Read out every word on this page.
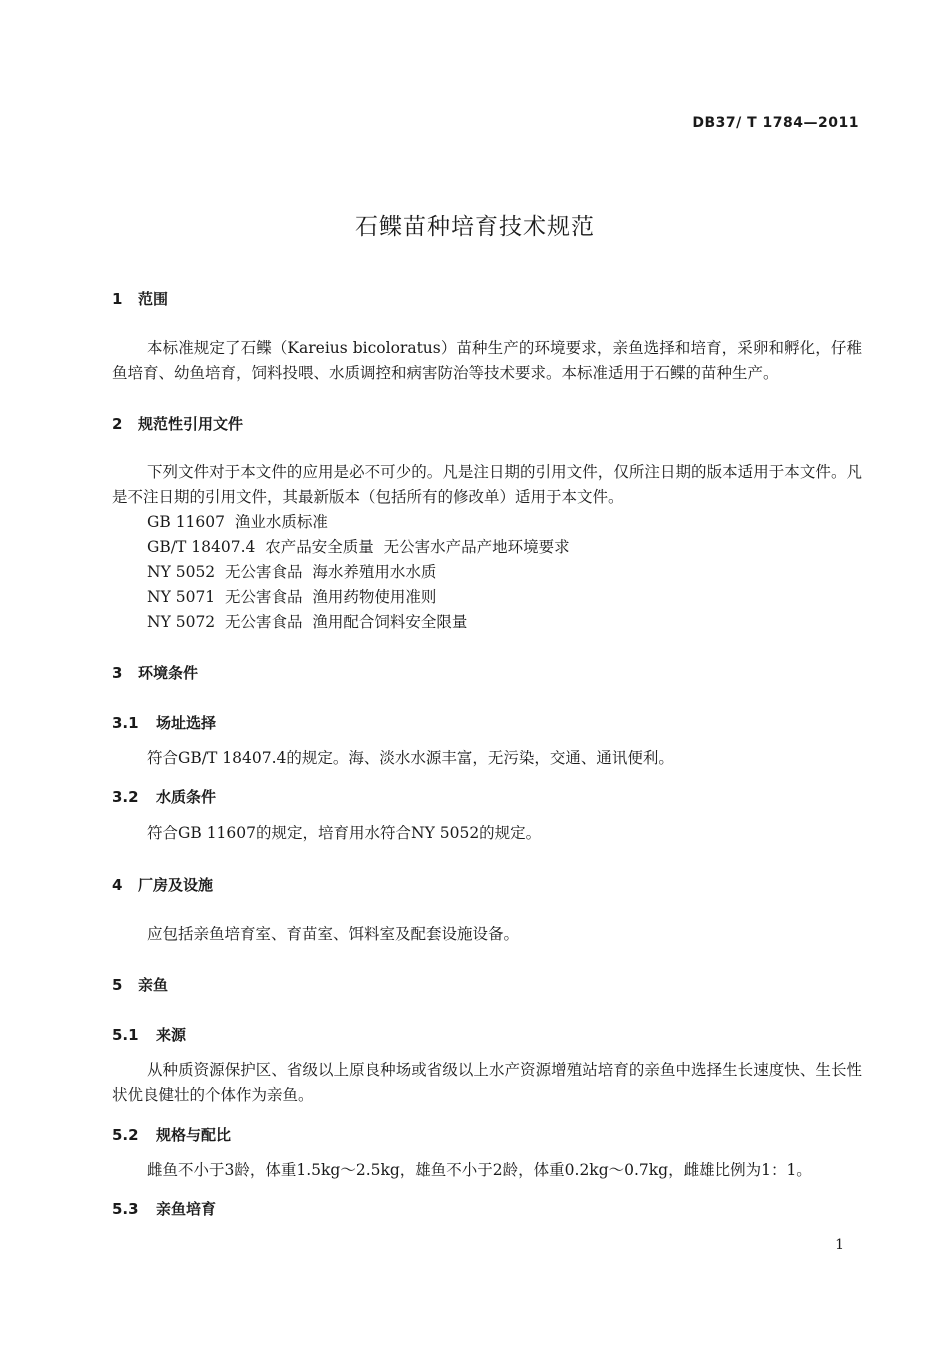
DB37/ T 1784—2011
石鲽苗种培育技术规范
1 范围
本标准规定了石鲽（Kareius bicoloratus）苗种生产的环境要求，亲鱼选择和培育，采卵和孵化，仔稚鱼培育、幼鱼培育，饲料投喂、水质调控和病害防治等技术要求。本标准适用于石鲽的苗种生产。
2 规范性引用文件
下列文件对于本文件的应用是必不可少的。凡是注日期的引用文件，仅所注日期的版本适用于本文件。凡是不注日期的引用文件，其最新版本（包括所有的修改单）适用于本文件。
GB 11607  渔业水质标准
GB/T 18407.4  农产品安全质量  无公害水产品产地环境要求
NY 5052  无公害食品  海水养殖用水水质
NY 5071  无公害食品  渔用药物使用准则
NY 5072  无公害食品  渔用配合饲料安全限量
3 环境条件
3.1 场址选择
符合GB/T 18407.4的规定。海、淡水水源丰富，无污染，交通、通讯便利。
3.2 水质条件
符合GB 11607的规定，培育用水符合NY 5052的规定。
4 厂房及设施
应包括亲鱼培育室、育苗室、饵料室及配套设施设备。
5 亲鱼
5.1 来源
从种质资源保护区、省级以上原良种场或省级以上水产资源增殖站培育的亲鱼中选择生长速度快、生长性状优良健壮的个体作为亲鱼。
5.2 规格与配比
雌鱼不小于3龄，体重1.5kg～2.5kg，雄鱼不小于2龄，体重0.2kg～0.7kg，雌雄比例为1：1。
5.3 亲鱼培育
1
